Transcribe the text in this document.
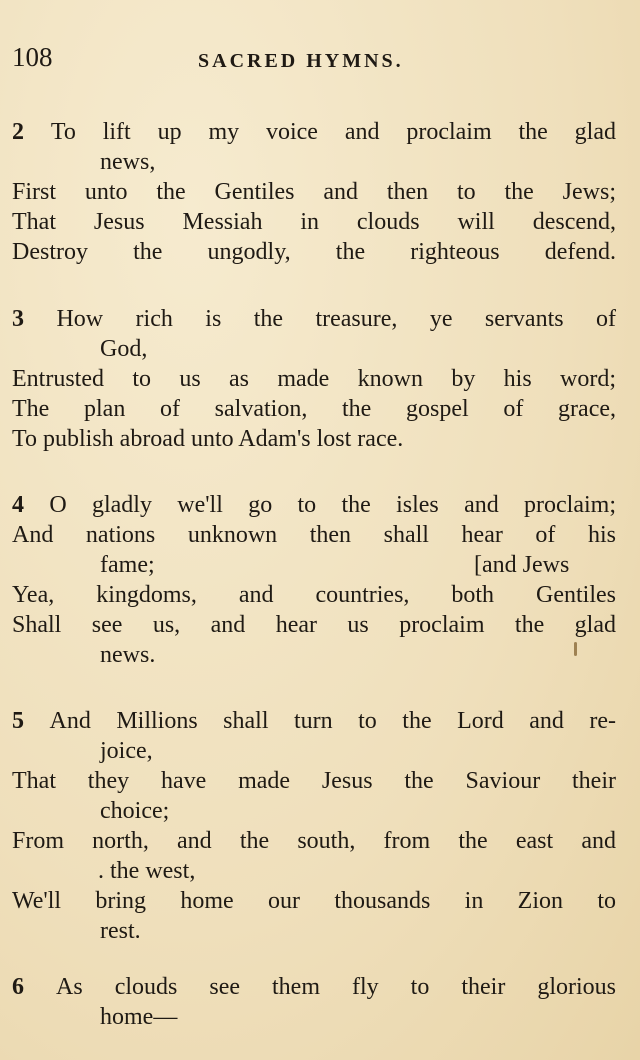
108	SACRED HYMNS.
2 To lift up my voice and proclaim the glad
news,
First unto the Gentiles and then to the Jews;
That Jesus Messiah in clouds will descend,
Destroy the ungodly, the righteous defend.
3 How rich is the treasure, ye servants of
God,
Entrusted to us as made known by his word;
The plan of salvation, the gospel of grace,
To publish abroad unto Adam's lost race.
4 O gladly we'll go to the isles and proclaim;
And nations unknown then shall hear of his
fame;	[and Jews
Yea, kingdoms, and countries, both Gentiles
Shall see us, and hear us proclaim the glad
news.
5 And Millions shall turn to the Lord and re-
joice,
That they have made Jesus the Saviour their
choice;
From north, and the south, from the east and
. the west,
We'll bring home our thousands in Zion to
rest.
6 As clouds see them fly to their glorious
home—
